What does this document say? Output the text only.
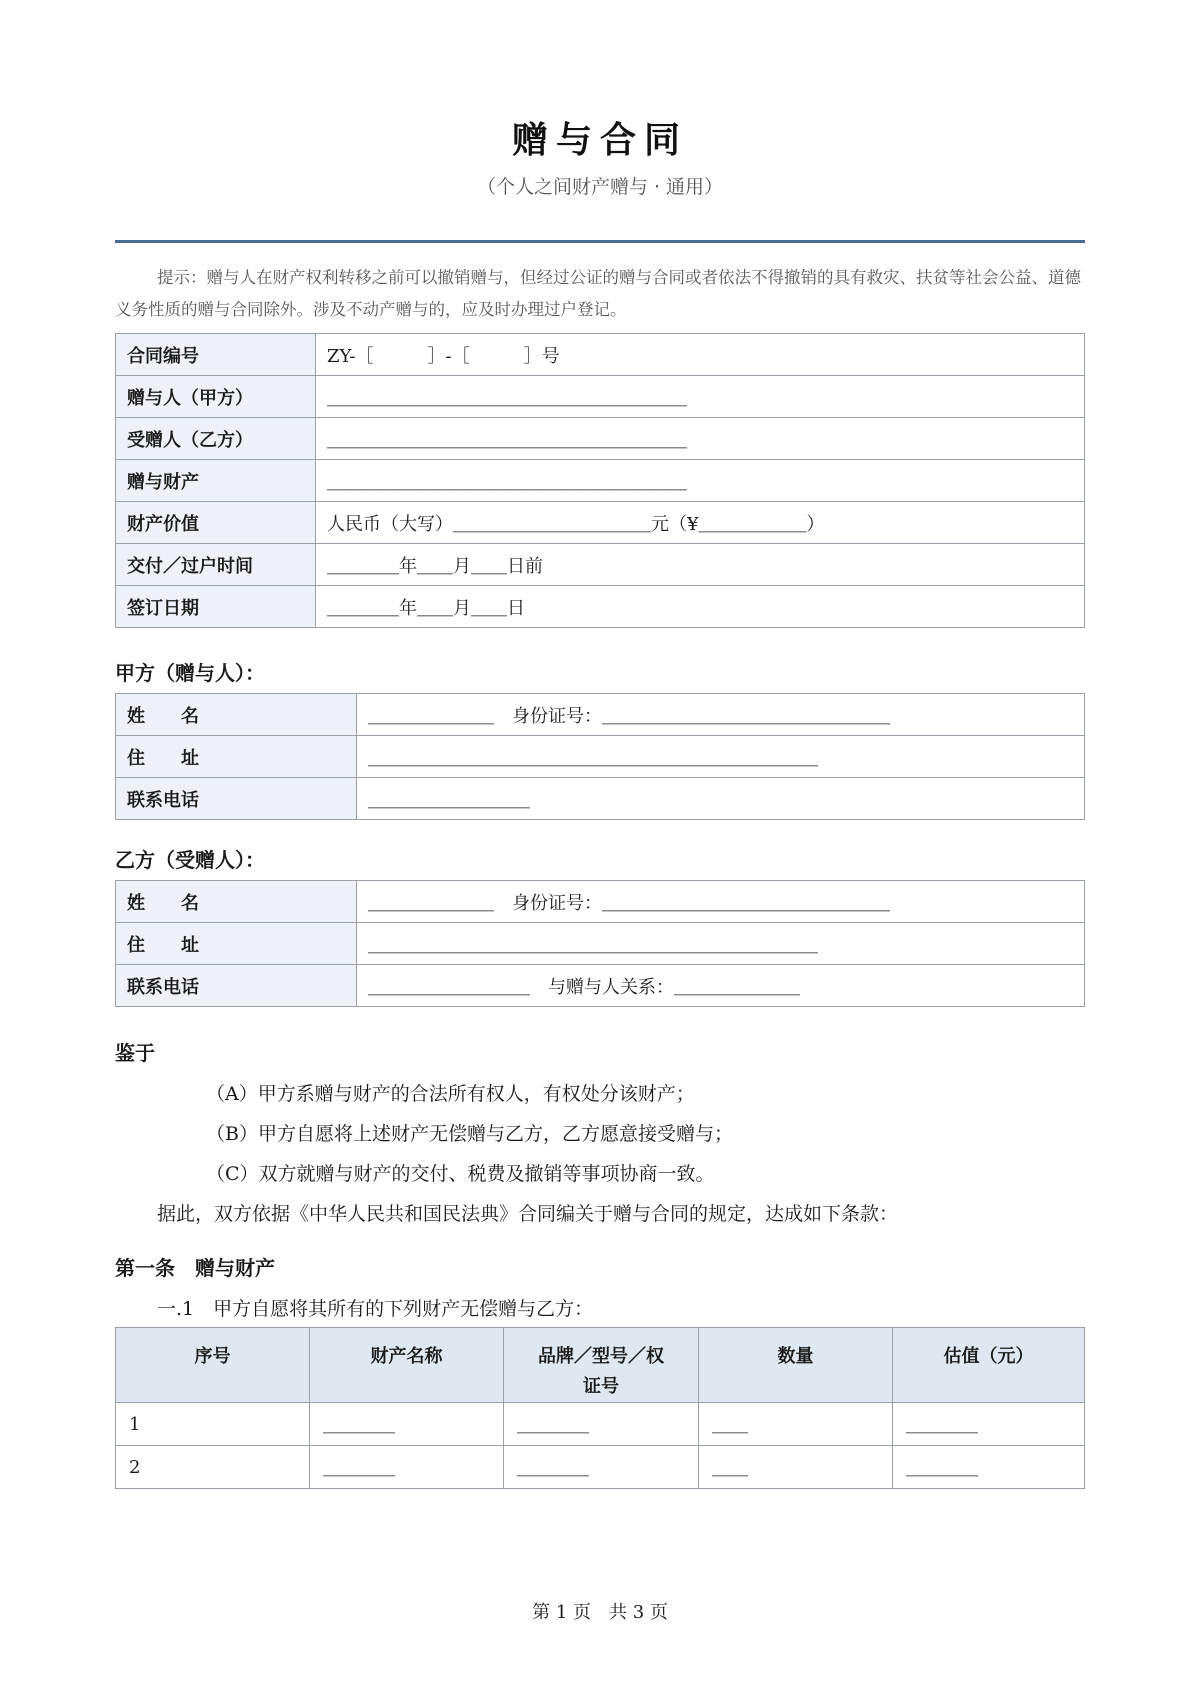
赠与合同
（个人之间财产赠与 · 通用）
提示：赠与人在财产权利转移之前可以撤销赠与，但经过公证的赠与合同或者依法不得撤销的具有救灾、扶贫等社会公益、道德义务性质的赠与合同除外。涉及不动产赠与的，应及时办理过户登记。
合同编号	ZY-［　　　］-［　　　］号
赠与人（甲方）	＿＿＿＿＿＿＿＿＿＿＿＿＿＿＿＿＿＿＿＿
受赠人（乙方）	＿＿＿＿＿＿＿＿＿＿＿＿＿＿＿＿＿＿＿＿
赠与财产	＿＿＿＿＿＿＿＿＿＿＿＿＿＿＿＿＿＿＿＿
财产价值	人民币（大写）＿＿＿＿＿＿＿＿＿＿＿元（¥＿＿＿＿＿＿）
交付／过户时间	＿＿＿＿年＿＿月＿＿日前
签订日期	＿＿＿＿年＿＿月＿＿日
甲方（赠与人）：
姓　　名	＿＿＿＿＿＿＿　身份证号：＿＿＿＿＿＿＿＿＿＿＿＿＿＿＿＿
住　　址	＿＿＿＿＿＿＿＿＿＿＿＿＿＿＿＿＿＿＿＿＿＿＿＿＿
联系电话	＿＿＿＿＿＿＿＿＿
乙方（受赠人）：
姓　　名	＿＿＿＿＿＿＿　身份证号：＿＿＿＿＿＿＿＿＿＿＿＿＿＿＿＿
住　　址	＿＿＿＿＿＿＿＿＿＿＿＿＿＿＿＿＿＿＿＿＿＿＿＿＿
联系电话	＿＿＿＿＿＿＿＿＿　与赠与人关系：＿＿＿＿＿＿＿
鉴于
（A）甲方系赠与财产的合法所有权人，有权处分该财产；
（B）甲方自愿将上述财产无偿赠与乙方，乙方愿意接受赠与；
（C）双方就赠与财产的交付、税费及撤销等事项协商一致。
据此，双方依据《中华人民共和国民法典》合同编关于赠与合同的规定，达成如下条款：
第一条　赠与财产
一.1　甲方自愿将其所有的下列财产无偿赠与乙方：
序号	财产名称	品牌／型号／权证号	数量	估值（元）
1	＿＿＿＿	＿＿＿＿	＿＿	＿＿＿＿
2	＿＿＿＿	＿＿＿＿	＿＿	＿＿＿＿
第 1 页　共 3 页
